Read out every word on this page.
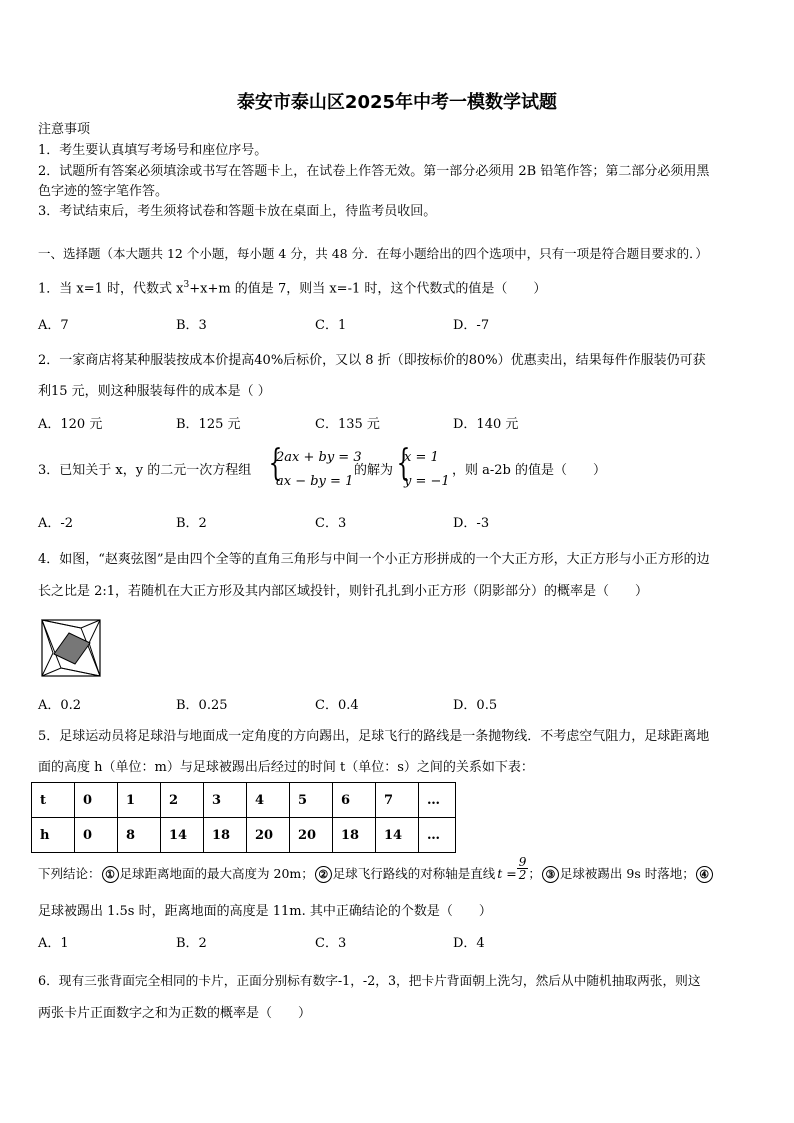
泰安市泰山区2025年中考一模数学试题
注意事项
1．考生要认真填写考场号和座位序号。
2．试题所有答案必须填涂或书写在答题卡上，在试卷上作答无效。第一部分必须用 2B 铅笔作答；第二部分必须用黑
色字迹的签字笔作答。
3．考试结束后，考生须将试卷和答题卡放在桌面上，待监考员收回。
一、选择题（本大题共 12 个小题，每小题 4 分，共 48 分．在每小题给出的四个选项中，只有一项是符合题目要求的．）
1．当 x=1 时，代数式 $x^3+x+m$ 的值是 7，则当 x=-1 时，这个代数式的值是（　　）
A．7	B．3	C．1	D．-7
2．一家商店将某种服装按成本价提高40%后标价，又以 8 折（即按标价的80%）优惠卖出，结果每件作服装仍可获
利15 元，则这种服装每件的成本是（ ）
A．120 元	B．125 元	C．135 元	D．140 元
3．已知关于 x，y 的二元一次方程组 {
2ax + by = 3
ax − by = 1
的解为 {
x = 1
y = −1
，则 a-2b 的值是（　　）
A．-2	B．2	C．3	D．-3
4．如图，“赵爽弦图”是由四个全等的直角三角形与中间一个小正方形拼成的一个大正方形，大正方形与小正方形的边
长之比是 2:1，若随机在大正方形及其内部区域投针，则针孔扎到小正方形（阴影部分）的概率是（　　）
A．0.2	B．0.25	C．0.4	D．0.5
5．足球运动员将足球沿与地面成一定角度的方向踢出，足球飞行的路线是一条抛物线．不考虑空气阻力，足球距离地
面的高度 h（单位：m）与足球被踢出后经过的时间 t（单位：s）之间的关系如下表：
t	0	1	2	3	4	5	6	7	…
h	0	8	14	18	20	20	18	14	…
下列结论： ① 足球距离地面的最大高度为 20m； ② 足球飞行路线的对称轴是直线 $t = \frac{9}{2}$ ； ③ 足球被踢出 9s 时落地； ④
足球被踢出 1.5s 时，距离地面的高度是 11m. 其中正确结论的个数是（　　）
A．1	B．2	C．3	D．4
6．现有三张背面完全相同的卡片，正面分别标有数字-1，-2，3，把卡片背面朝上洗匀，然后从中随机抽取两张，则这
两张卡片正面数字之和为正数的概率是（　　）
